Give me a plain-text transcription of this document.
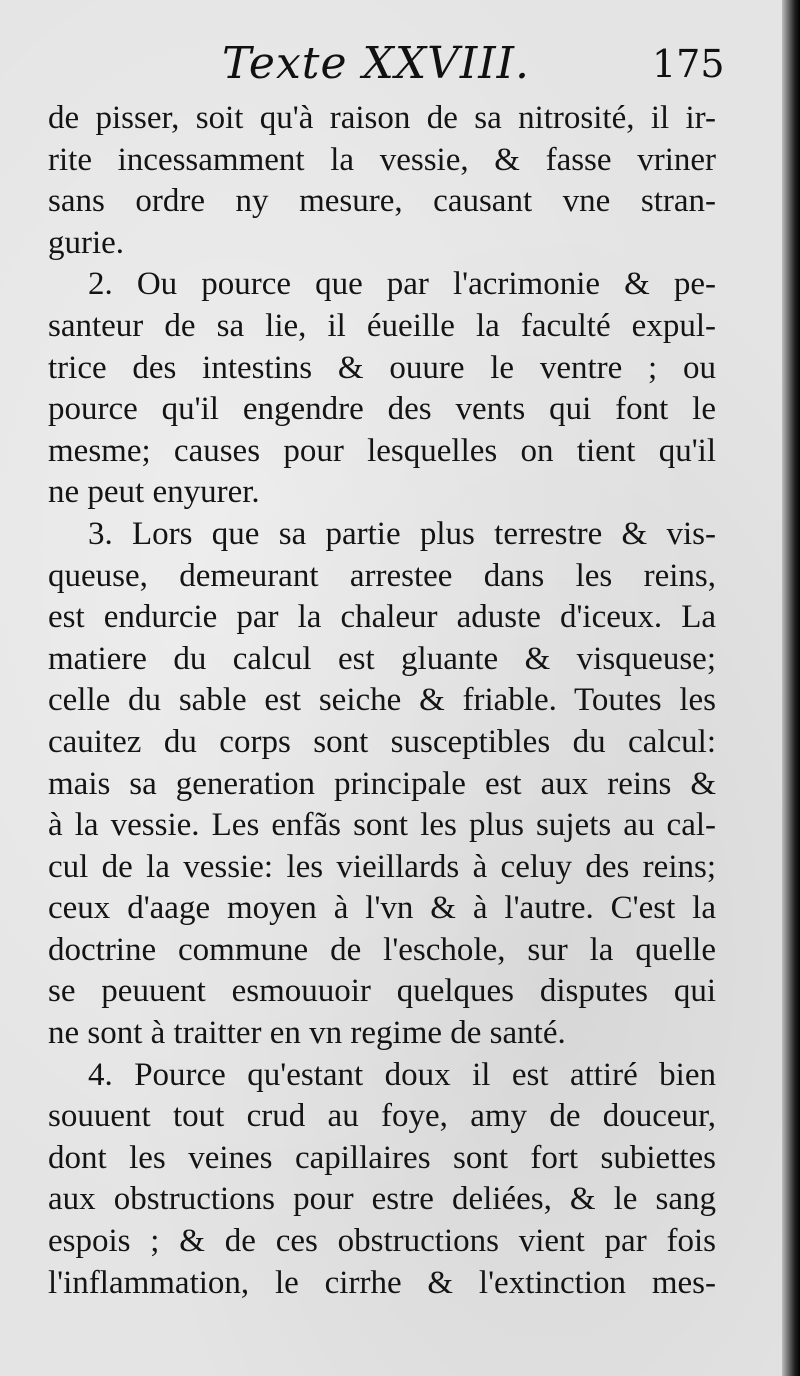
Texte XXVIII.	175
de pisser, soit qu'à raison de sa nitrosité, il ir-
rite incessamment la vessie, & fasse vriner
sans ordre ny mesure, causant vne stran-
gurie.
2. Ou pource que par l'acrimonie & pe-
santeur de sa lie, il éueille la faculté expul-
trice des intestins & ouure le ventre ; ou
pource qu'il engendre des vents qui font le
mesme; causes pour lesquelles on tient qu'il
ne peut enyurer.
3. Lors que sa partie plus terrestre & vis-
queuse, demeurant arrestee dans les reins,
est endurcie par la chaleur aduste d'iceux. La
matiere du calcul est gluante & visqueuse;
celle du sable est seiche & friable. Toutes les
cauitez du corps sont susceptibles du calcul:
mais sa generation principale est aux reins &
à la vessie. Les enfãs sont les plus sujets au cal-
cul de la vessie: les vieillards à celuy des reins;
ceux d'aage moyen à l'vn & à l'autre. C'est la
doctrine commune de l'eschole, sur la quelle
se peuuent esmouuoir quelques disputes qui
ne sont à traitter en vn regime de santé.
4. Pource qu'estant doux il est attiré bien
souuent tout crud au foye, amy de douceur,
dont les veines capillaires sont fort subiettes
aux obstructions pour estre deliées, & le sang
espois ; & de ces obstructions vient par fois
l'inflammation, le cirrhe & l'extinction mes-
